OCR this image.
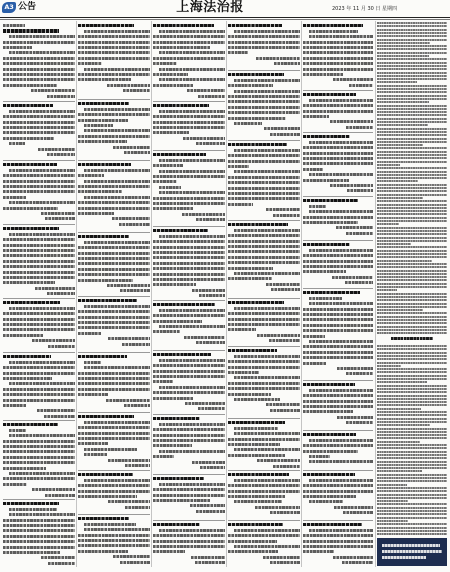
A3 公告	上海法治报	2023 年 11 月 30 日 星期四
